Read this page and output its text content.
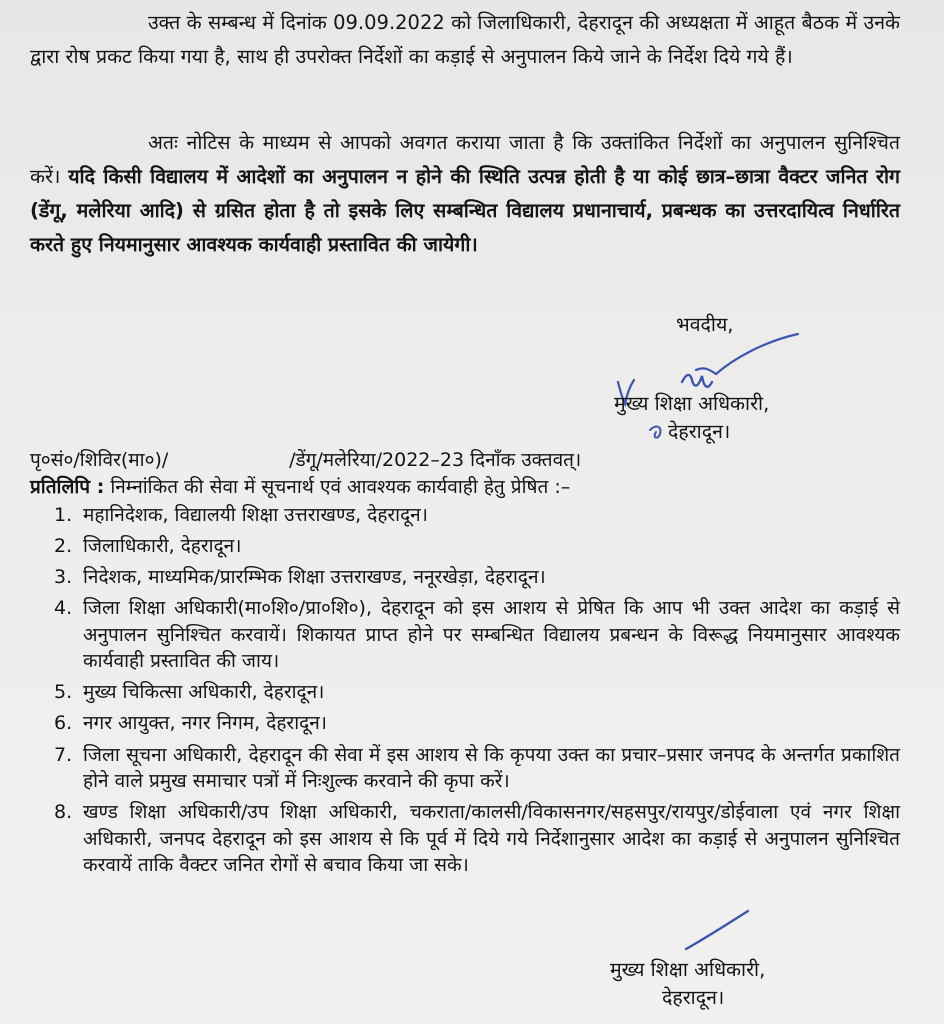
उक्त के सम्बन्ध में दिनांक 09.09.2022 को जिलाधिकारी, देहरादून की अध्यक्षता में आहूत बैठक में उनके द्वारा रोष प्रकट किया गया है, साथ ही उपरोक्त निर्देशों का कड़ाई से अनुपालन किये जाने के निर्देश दिये गये हैं।

अतः नोटिस के माध्यम से आपको अवगत कराया जाता है कि उक्तांकित निर्देशों का अनुपालन सुनिश्चित करें। यदि किसी विद्यालय में आदेशों का अनुपालन न होने की स्थिति उत्पन्न होती है या कोई छात्र–छात्रा वैक्टर जनित रोग (डेंगू, मलेरिया आदि) से ग्रसित होता है तो इसके लिए सम्बन्धित विद्यालय प्रधानाचार्य, प्रबन्धक का उत्तरदायित्व निर्धारित करते हुए नियमानुसार आवश्यक कार्यवाही प्रस्तावित की जायेगी।

भवदीय,
मुख्य शिक्षा अधिकारी,
देहरादून।
पृ०सं०/शिविर(मा०)/                    /डेंगू/मलेरिया/2022–23 दिनाँक उक्तवत्।
प्रतिलिपि : निम्नांकित की सेवा में सूचनार्थ एवं आवश्यक कार्यवाही हेतु प्रेषित :–
1. महानिदेशक, विद्यालयी शिक्षा उत्तराखण्ड, देहरादून।
2. जिलाधिकारी, देहरादून।
3. निदेशक, माध्यमिक/प्रारम्भिक शिक्षा उत्तराखण्ड, ननूरखेड़ा, देहरादून।
4. जिला शिक्षा अधिकारी(मा०शि०/प्रा०शि०), देहरादून को इस आशय से प्रेषित कि आप भी उक्त आदेश का कड़ाई से अनुपालन सुनिश्चित करवायें। शिकायत प्राप्त होने पर सम्बन्धित विद्यालय प्रबन्धन के विरूद्ध नियमानुसार आवश्यक कार्यवाही प्रस्तावित की जाय।
5. मुख्य चिकित्सा अधिकारी, देहरादून।
6. नगर आयुक्त, नगर निगम, देहरादून।
7. जिला सूचना अधिकारी, देहरादून की सेवा में इस आशय से कि कृपया उक्त का प्रचार–प्रसार जनपद के अन्तर्गत प्रकाशित होने वाले प्रमुख समाचार पत्रों में निःशुल्क करवाने की कृपा करें।
8. खण्ड शिक्षा अधिकारी/उप शिक्षा अधिकारी, चकराता/कालसी/विकासनगर/सहसपुर/रायपुर/डोईवाला एवं नगर शिक्षा अधिकारी, जनपद देहरादून को इस आशय से कि पूर्व में दिये गये निर्देशानुसार आदेश का कड़ाई से अनुपालन सुनिश्चित करवायें ताकि वैक्टर जनित रोगों से बचाव किया जा सके।
मुख्य शिक्षा अधिकारी,
देहरादून।
